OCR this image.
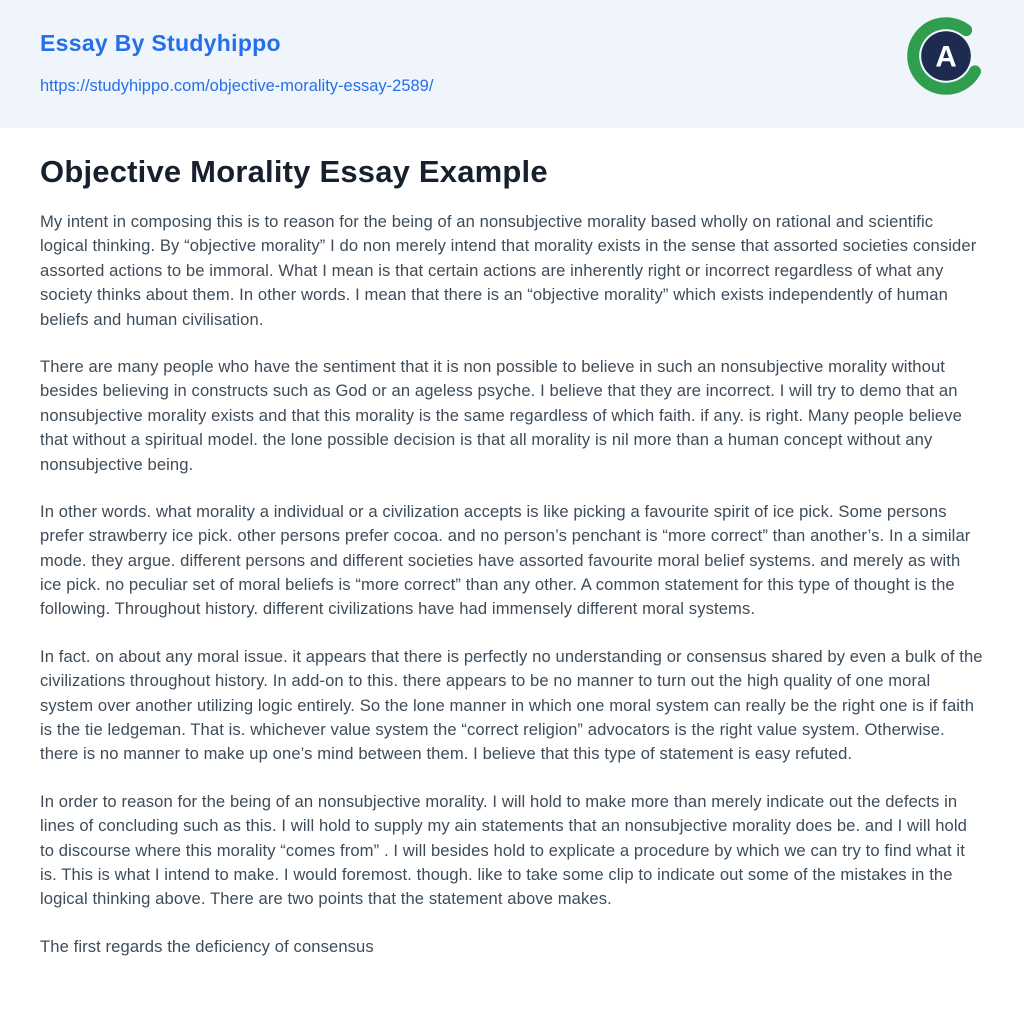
Essay By Studyhippo
https://studyhippo.com/objective-morality-essay-2589/
A
Objective Morality Essay Example

My intent in composing this is to reason for the being of an nonsubjective morality based wholly on rational and scientific logical thinking. By “objective morality” I do non merely intend that morality exists in the sense that assorted societies consider assorted actions to be immoral. What I mean is that certain actions are inherently right or incorrect regardless of what any society thinks about them. In other words. I mean that there is an “objective morality” which exists independently of human beliefs and human civilisation.

There are many people who have the sentiment that it is non possible to believe in such an nonsubjective morality without besides believing in constructs such as God or an ageless psyche. I believe that they are incorrect. I will try to demo that an nonsubjective morality exists and that this morality is the same regardless of which faith. if any. is right. Many people believe that without a spiritual model. the lone possible decision is that all morality is nil more than a human concept without any nonsubjective being.

In other words. what morality a individual or a civilization accepts is like picking a favourite spirit of ice pick. Some persons prefer strawberry ice pick. other persons prefer cocoa. and no person’s penchant is “more correct” than another’s. In a similar mode. they argue. different persons and different societies have assorted favourite moral belief systems. and merely as with ice pick. no peculiar set of moral beliefs is “more correct” than any other. A common statement for this type of thought is the following. Throughout history. different civilizations have had immensely different moral systems.

In fact. on about any moral issue. it appears that there is perfectly no understanding or consensus shared by even a bulk of the civilizations throughout history. In add-on to this. there appears to be no manner to turn out the high quality of one moral system over another utilizing logic entirely. So the lone manner in which one moral system can really be the right one is if faith is the tie ledgeman. That is. whichever value system the “correct religion” advocators is the right value system. Otherwise. there is no manner to make up one’s mind between them. I believe that this type of statement is easy refuted.

In order to reason for the being of an nonsubjective morality. I will hold to make more than merely indicate out the defects in lines of concluding such as this. I will hold to supply my ain statements that an nonsubjective morality does be. and I will hold to discourse where this morality “comes from” . I will besides hold to explicate a procedure by which we can try to find what it is. This is what I intend to make. I would foremost. though. like to take some clip to indicate out some of the mistakes in the logical thinking above. There are two points that the statement above makes.

The first regards the deficiency of consensus
